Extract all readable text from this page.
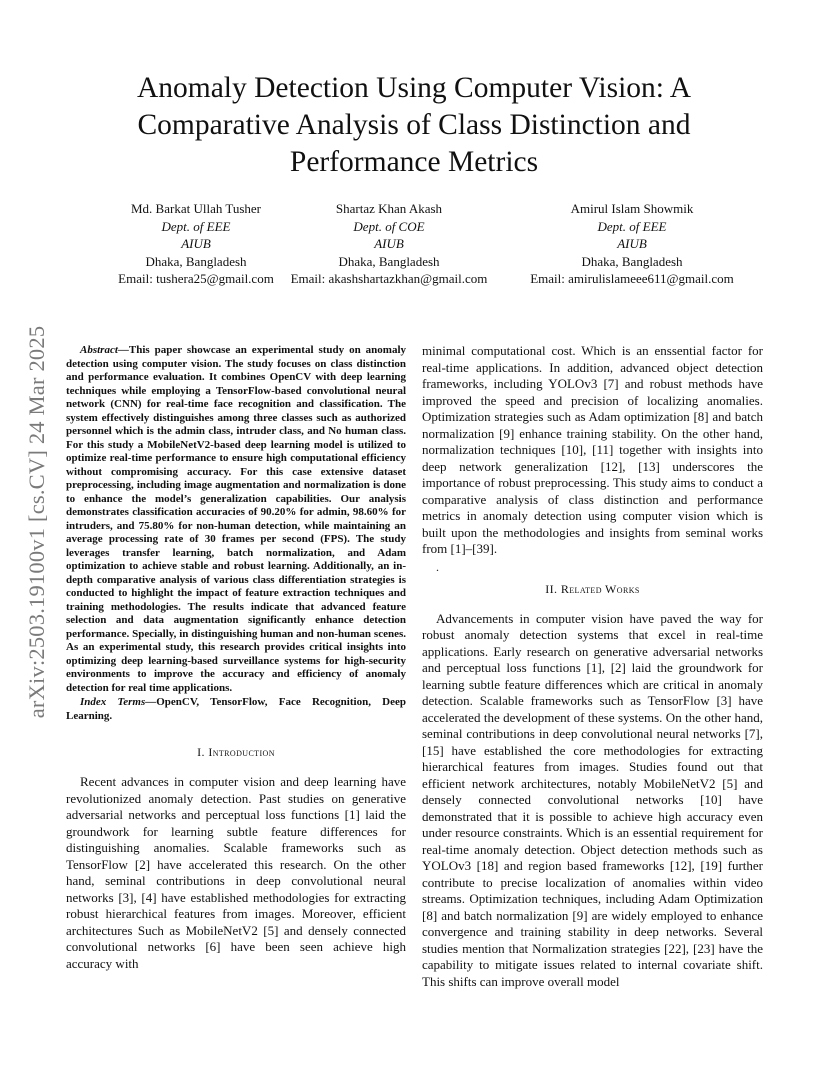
arXiv:2503.19100v1 [cs.CV] 24 Mar 2025
Anomaly Detection Using Computer Vision: A Comparative Analysis of Class Distinction and Performance Metrics
Md. Barkat Ullah Tusher
Dept. of EEE
AIUB
Dhaka, Bangladesh
Email: tushera25@gmail.com
Shartaz Khan Akash
Dept. of COE
AIUB
Dhaka, Bangladesh
Email: akashshartazkhan@gmail.com
Amirul Islam Showmik
Dept. of EEE
AIUB
Dhaka, Bangladesh
Email: amirulislameee611@gmail.com

Abstract—This paper showcase an experimental study on anomaly detection using computer vision. The study focuses on class distinction and performance evaluation. It combines OpenCV with deep learning techniques while employing a TensorFlow-based convolutional neural network (CNN) for real-time face recognition and classification. The system effectively distinguishes among three classes such as authorized personnel which is the admin class, intruder class, and No human class. For this study a MobileNetV2-based deep learning model is utilized to optimize real-time performance to ensure high computational efficiency without compromising accuracy. For this case extensive dataset preprocessing, including image augmentation and normalization is done to enhance the model’s generalization capabilities. Our analysis demonstrates classification accuracies of 90.20% for admin, 98.60% for intruders, and 75.80% for non-human detection, while maintaining an average processing rate of 30 frames per second (FPS). The study leverages transfer learning, batch normalization, and Adam optimization to achieve stable and robust learning. Additionally, an in-depth comparative analysis of various class differentiation strategies is conducted to highlight the impact of feature extraction techniques and training methodologies. The results indicate that advanced feature selection and data augmentation significantly enhance detection performance. Specially, in distinguishing human and non-human scenes. As an experimental study, this research provides critical insights into optimizing deep learning-based surveillance systems for high-security environments to improve the accuracy and efficiency of anomaly detection for real time applications.

Index Terms—OpenCV, TensorFlow, Face Recognition, Deep Learning.

I. Introduction

Recent advances in computer vision and deep learning have revolutionized anomaly detection. Past studies on generative adversarial networks and perceptual loss functions [1] laid the groundwork for learning subtle feature differences for distinguishing anomalies. Scalable frameworks such as TensorFlow [2] have accelerated this research. On the other hand, seminal contributions in deep convolutional neural networks [3], [4] have established methodologies for extracting robust hierarchical features from images. Moreover, efficient architectures Such as MobileNetV2 [5] and densely connected convolutional networks [6] have been seen achieve high accuracy with

minimal computational cost. Which is an enssential factor for real-time applications. In addition, advanced object detection frameworks, including YOLOv3 [7] and robust methods have improved the speed and precision of localizing anomalies. Optimization strategies such as Adam optimization [8] and batch normalization [9] enhance training stability. On the other hand, normalization techniques [10], [11] together with insights into deep network generalization [12], [13] underscores the importance of robust preprocessing. This study aims to conduct a comparative analysis of class distinction and performance metrics in anomaly detection using computer vision which is built upon the methodologies and insights from seminal works from [1]–[39].

.
II. Related Works

Advancements in computer vision have paved the way for robust anomaly detection systems that excel in real-time applications. Early research on generative adversarial networks and perceptual loss functions [1], [2] laid the groundwork for learning subtle feature differences which are critical in anomaly detection. Scalable frameworks such as TensorFlow [3] have accelerated the development of these systems. On the other hand, seminal contributions in deep convolutional neural networks [7], [15] have established the core methodologies for extracting hierarchical features from images. Studies found out that efficient network architectures, notably MobileNetV2 [5] and densely connected convolutional networks [10] have demonstrated that it is possible to achieve high accuracy even under resource constraints. Which is an essential requirement for real-time anomaly detection. Object detection methods such as YOLOv3 [18] and region based frameworks [12], [19] further contribute to precise localization of anomalies within video streams. Optimization techniques, including Adam Optimization [8] and batch normalization [9] are widely employed to enhance convergence and training stability in deep networks. Several studies mention that Normalization strategies [22], [23] have the capability to mitigate issues related to internal covariate shift. This shifts can improve overall model
